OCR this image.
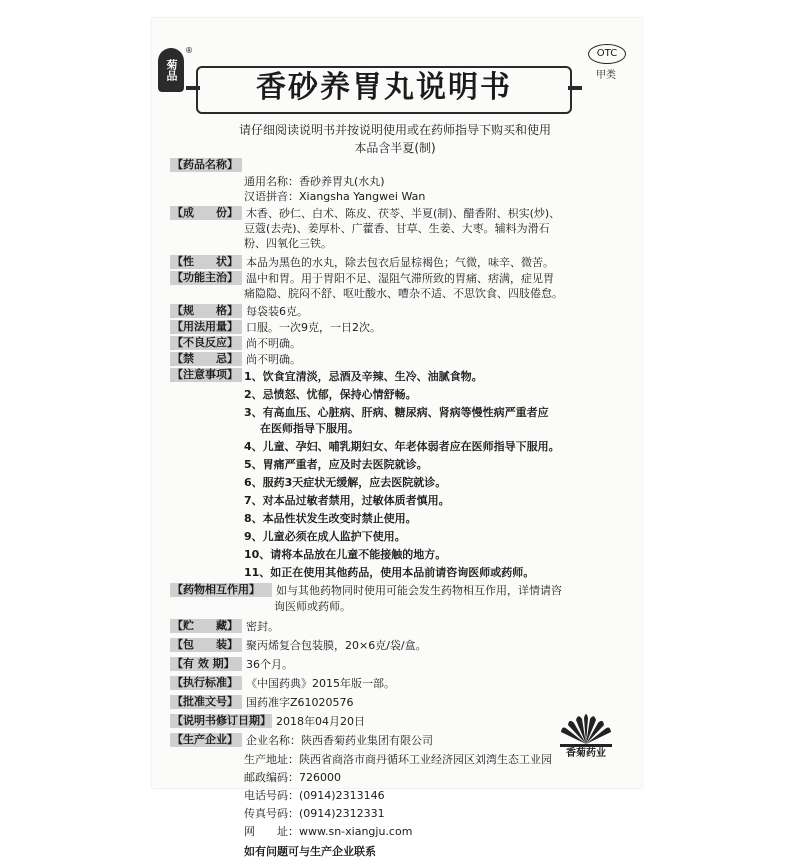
菊品
®
香砂养胃丸说明书
OTC
甲类
请仔细阅读说明书并按说明使用或在药师指导下购买和使用
本品含半夏(制)
【药品名称】
通用名称：香砂养胃丸(水丸)
汉语拼音：Xiangsha Yangwei Wan
【成　　份】 木香、砂仁、白术、陈皮、茯苓、半夏(制)、醋香附、枳实(炒)、
豆蔻(去壳)、姜厚朴、广藿香、甘草、生姜、大枣。辅料为滑石
粉、四氧化三铁。
【性　　状】 本品为黑色的水丸，除去包衣后显棕褐色；气微，味辛、微苦。
【功能主治】 温中和胃。用于胃阳不足、湿阻气滞所致的胃痛、痞满，症见胃
痛隐隐、脘闷不舒、呕吐酸水、嘈杂不适、不思饮食、四肢倦怠。
【规　　格】 每袋装6克。
【用法用量】 口服。一次9克，一日2次。
【不良反应】 尚不明确。
【禁　　忌】 尚不明确。
【注意事项】 1、饮食宜清淡，忌酒及辛辣、生冷、油腻食物。
2、忌愤怒、忧郁，保持心情舒畅。
3、有高血压、心脏病、肝病、糖尿病、肾病等慢性病严重者应
在医师指导下服用。
4、儿童、孕妇、哺乳期妇女、年老体弱者应在医师指导下服用。
5、胃痛严重者，应及时去医院就诊。
6、服药3天症状无缓解，应去医院就诊。
7、对本品过敏者禁用，过敏体质者慎用。
8、本品性状发生改变时禁止使用。
9、儿童必须在成人监护下使用。
10、请将本品放在儿童不能接触的地方。
11、如正在使用其他药品，使用本品前请咨询医师或药师。
【药物相互作用】	如与其他药物同时使用可能会发生药物相互作用，详情请咨
询医师或药师。
【贮　　藏】 密封。
【包　　装】 聚丙烯复合包装膜，20×6克/袋/盒。
【有 效 期】	36个月。
【执行标准】 《中国药典》2015年版一部。
【批准文号】 国药准字Z61020576
【说明书修订日期】 2018年04月20日
【生产企业】 企业名称：陕西香菊药业集团有限公司
生产地址：陕西省商洛市商丹循环工业经济园区刘湾生态工业园
邮政编码：726000
电话号码：(0914)2313146
传真号码：(0914)2312331
网　　址：www.sn-xiangju.com
如有问题可与生产企业联系
香菊药业
